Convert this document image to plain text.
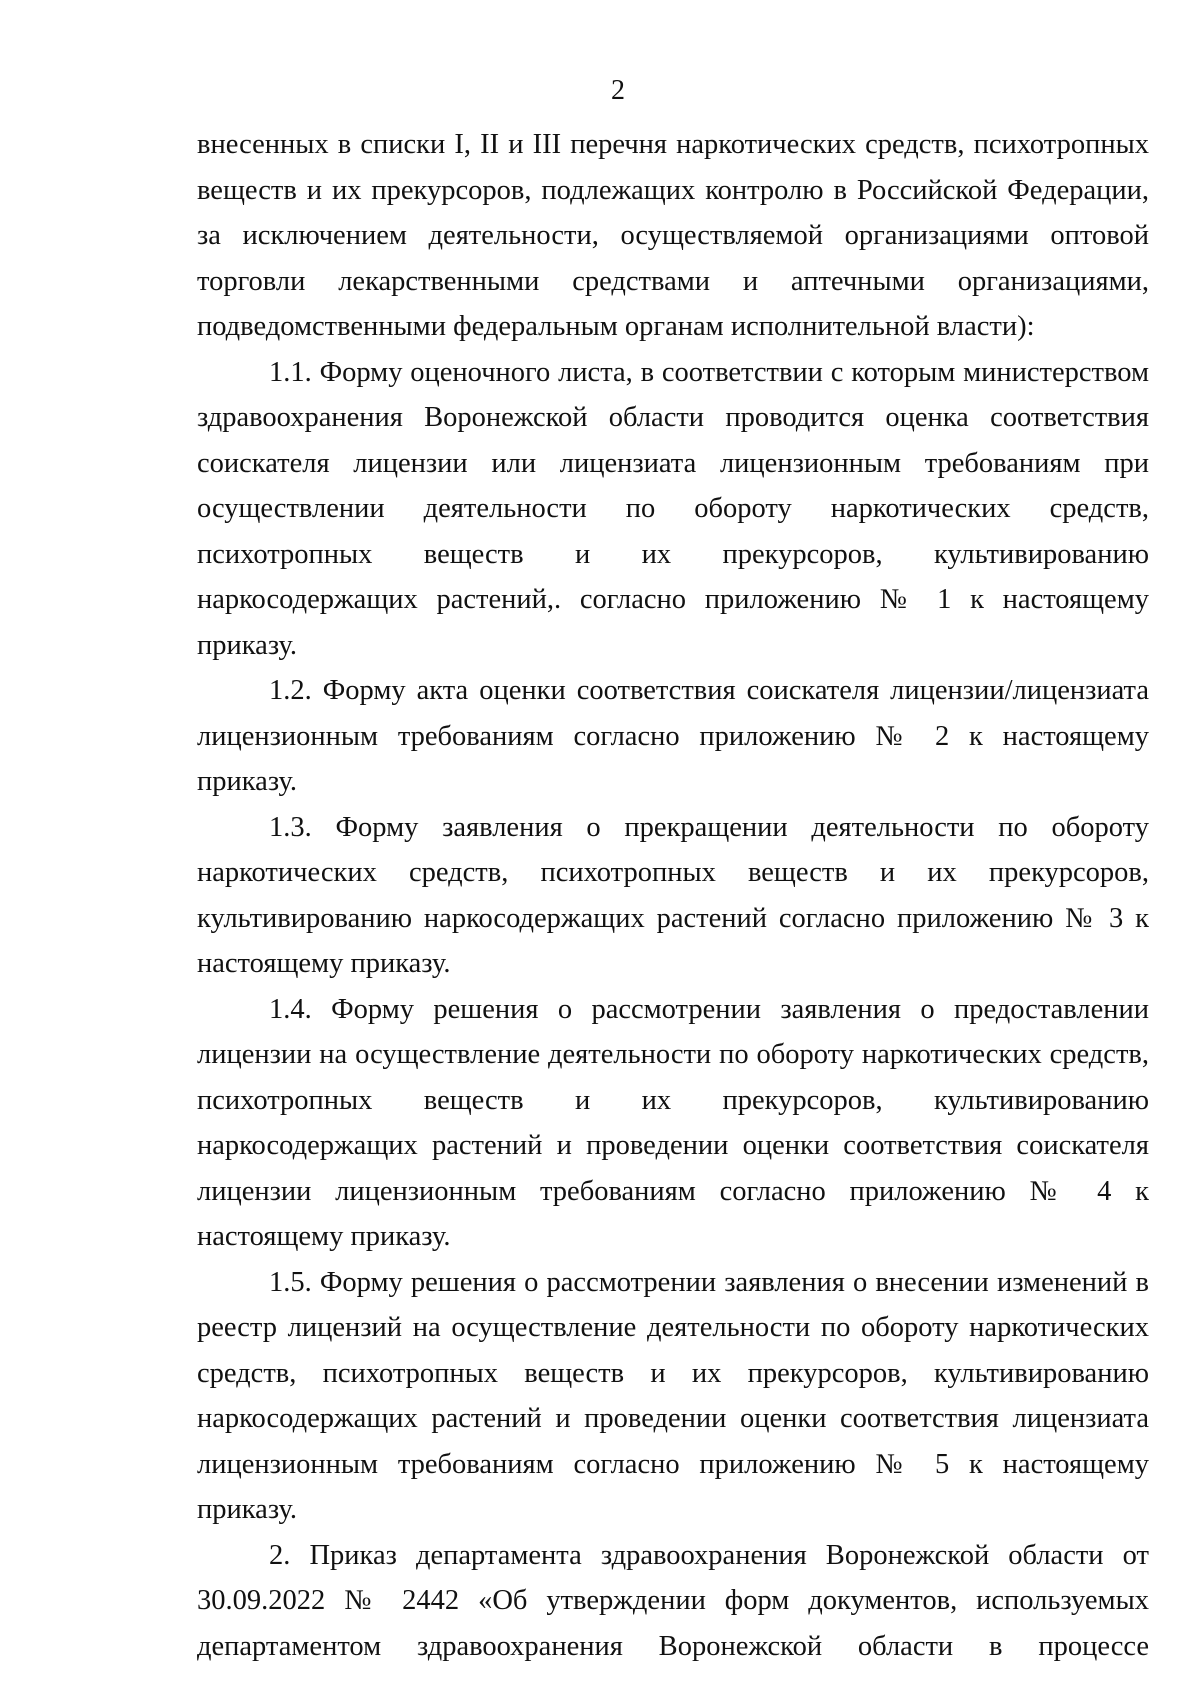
2

внесенных в списки I, II и III перечня наркотических средств, психотропных веществ и их прекурсоров, подлежащих контролю в Российской Федерации, за исключением деятельности, осуществляемой организациями оптовой торговли лекарственными средствами и аптечными организациями, подведомственными федеральным органам исполнительной власти):

1.1. Форму оценочного листа, в соответствии с которым министерством здравоохранения Воронежской области проводится оценка соответствия соискателя лицензии или лицензиата лицензионным требованиям при осуществлении деятельности по обороту наркотических средств, психотропных веществ и их прекурсоров, культивированию наркосодержащих растений,. согласно приложению № 1 к настоящему приказу.

1.2. Форму акта оценки соответствия соискателя лицензии/лицензиата лицензионным требованиям согласно приложению № 2 к настоящему приказу.

1.3. Форму заявления о прекращении деятельности по обороту наркотических средств, психотропных веществ и их прекурсоров, культивированию наркосодержащих растений согласно приложению № 3 к настоящему приказу.

1.4. Форму решения о рассмотрении заявления о предоставлении лицензии на осуществление деятельности по обороту наркотических средств, психотропных веществ и их прекурсоров, культивированию наркосодержащих растений и проведении оценки соответствия соискателя лицензии лицензионным требованиям согласно приложению № 4 к настоящему приказу.

1.5. Форму решения о рассмотрении заявления о внесении изменений в реестр лицензий на осуществление деятельности по обороту наркотических средств, психотропных веществ и их прекурсоров, культивированию наркосодержащих растений и проведении оценки соответствия лицензиата лицензионным требованиям согласно приложению № 5 к настоящему приказу.

2. Приказ департамента здравоохранения Воронежской области от 30.09.2022 № 2442 «Об утверждении форм документов, используемых департаментом здравоохранения Воронежской области в процессе
